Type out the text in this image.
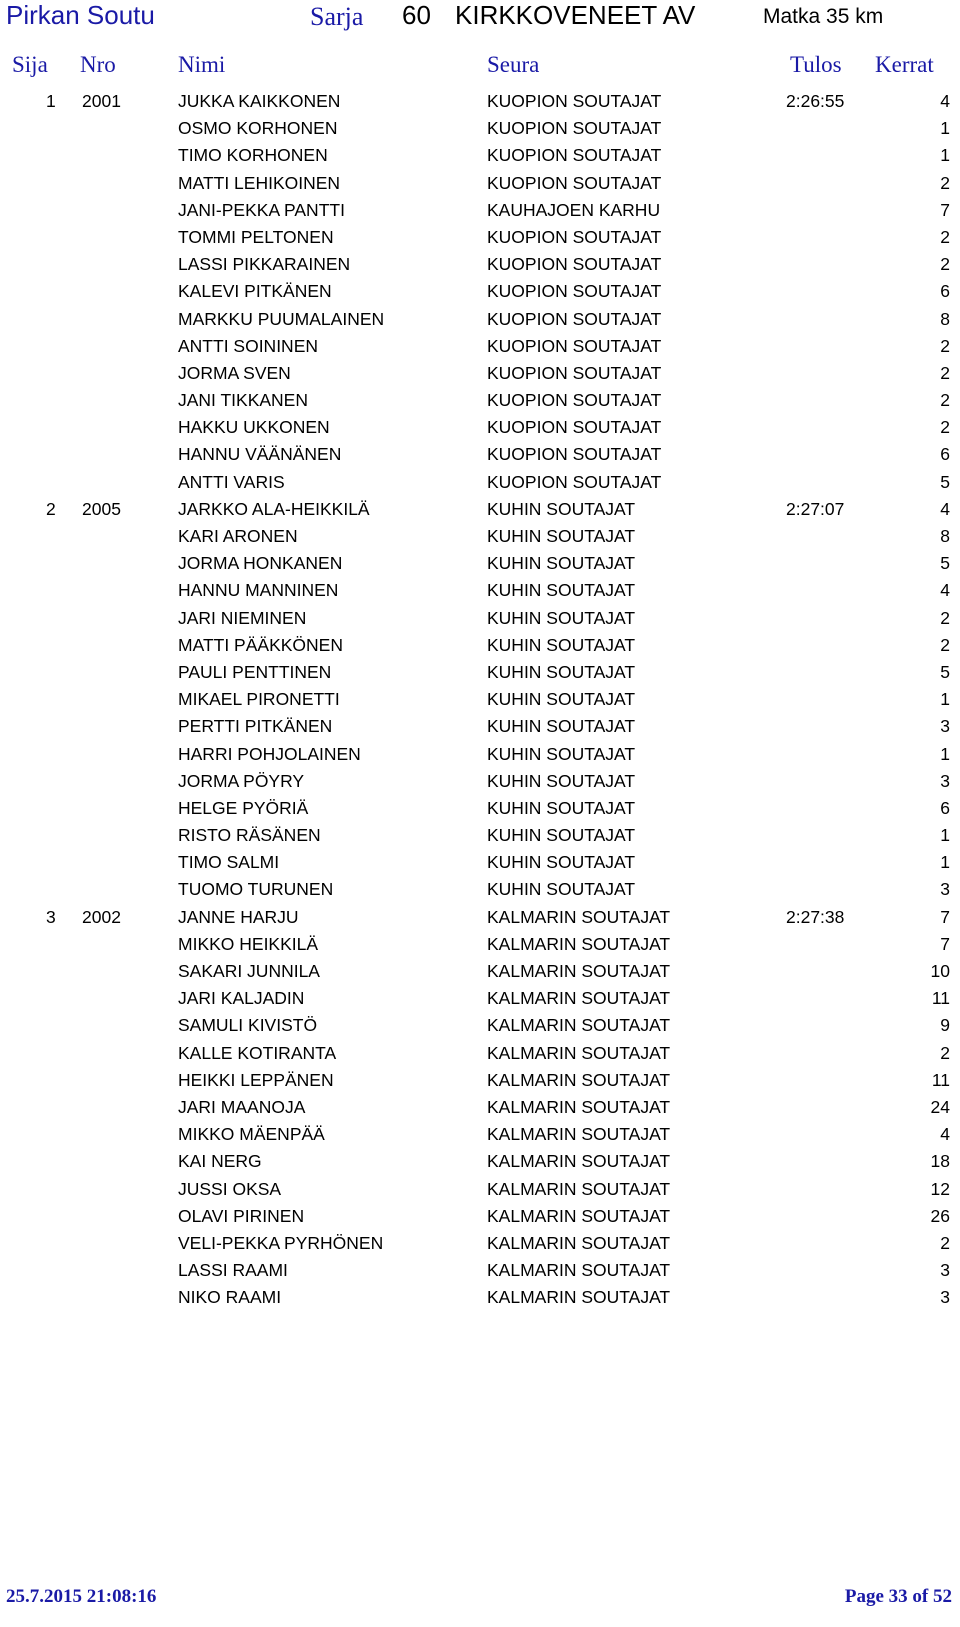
Pirkan Soutu	Sarja 60 KIRKKOVENEET AV	Matka 35 km
Sija Nro	Nimi	Seura	Tulos Kerrat
1 2001	JUKKA KAIKKONEN	KUOPION SOUTAJAT	2:26:55	4
OSMO KORHONEN	KUOPION SOUTAJAT	1
TIMO KORHONEN	KUOPION SOUTAJAT	1
MATTI LEHIKOINEN	KUOPION SOUTAJAT	2
JANI-PEKKA PANTTI	KAUHAJOEN KARHU	7
TOMMI PELTONEN	KUOPION SOUTAJAT	2
LASSI PIKKARAINEN	KUOPION SOUTAJAT	2
KALEVI PITKÄNEN	KUOPION SOUTAJAT	6
MARKKU PUUMALAINEN	KUOPION SOUTAJAT	8
ANTTI SOININEN	KUOPION SOUTAJAT	2
JORMA SVEN	KUOPION SOUTAJAT	2
JANI TIKKANEN	KUOPION SOUTAJAT	2
HAKKU UKKONEN	KUOPION SOUTAJAT	2
HANNU VÄÄNÄNEN	KUOPION SOUTAJAT	6
ANTTI VARIS	KUOPION SOUTAJAT	5
2 2005	JARKKO ALA-HEIKKILÄ	KUHIN SOUTAJAT	2:27:07	4
KARI ARONEN	KUHIN SOUTAJAT	8
JORMA HONKANEN	KUHIN SOUTAJAT	5
HANNU MANNINEN	KUHIN SOUTAJAT	4
JARI NIEMINEN	KUHIN SOUTAJAT	2
MATTI PÄÄKKÖNEN	KUHIN SOUTAJAT	2
PAULI PENTTINEN	KUHIN SOUTAJAT	5
MIKAEL PIRONETTI	KUHIN SOUTAJAT	1
PERTTI PITKÄNEN	KUHIN SOUTAJAT	3
HARRI POHJOLAINEN	KUHIN SOUTAJAT	1
JORMA PÖYRY	KUHIN SOUTAJAT	3
HELGE PYÖRIÄ	KUHIN SOUTAJAT	6
RISTO RÄSÄNEN	KUHIN SOUTAJAT	1
TIMO SALMI	KUHIN SOUTAJAT	1
TUOMO TURUNEN	KUHIN SOUTAJAT	3
3 2002	JANNE HARJU	KALMARIN SOUTAJAT	2:27:38	7
MIKKO HEIKKILÄ	KALMARIN SOUTAJAT	7
SAKARI JUNNILA	KALMARIN SOUTAJAT	10
JARI KALJADIN	KALMARIN SOUTAJAT	11
SAMULI KIVISTÖ	KALMARIN SOUTAJAT	9
KALLE KOTIRANTA	KALMARIN SOUTAJAT	2
HEIKKI LEPPÄNEN	KALMARIN SOUTAJAT	11
JARI MAANOJA	KALMARIN SOUTAJAT	24
MIKKO MÄENPÄÄ	KALMARIN SOUTAJAT	4
KAI NERG	KALMARIN SOUTAJAT	18
JUSSI OKSA	KALMARIN SOUTAJAT	12
OLAVI PIRINEN	KALMARIN SOUTAJAT	26
VELI-PEKKA PYRHÖNEN	KALMARIN SOUTAJAT	2
LASSI RAAMI	KALMARIN SOUTAJAT	3
NIKO RAAMI	KALMARIN SOUTAJAT	3
25.7.2015 21:08:16	Page 33 of 52
